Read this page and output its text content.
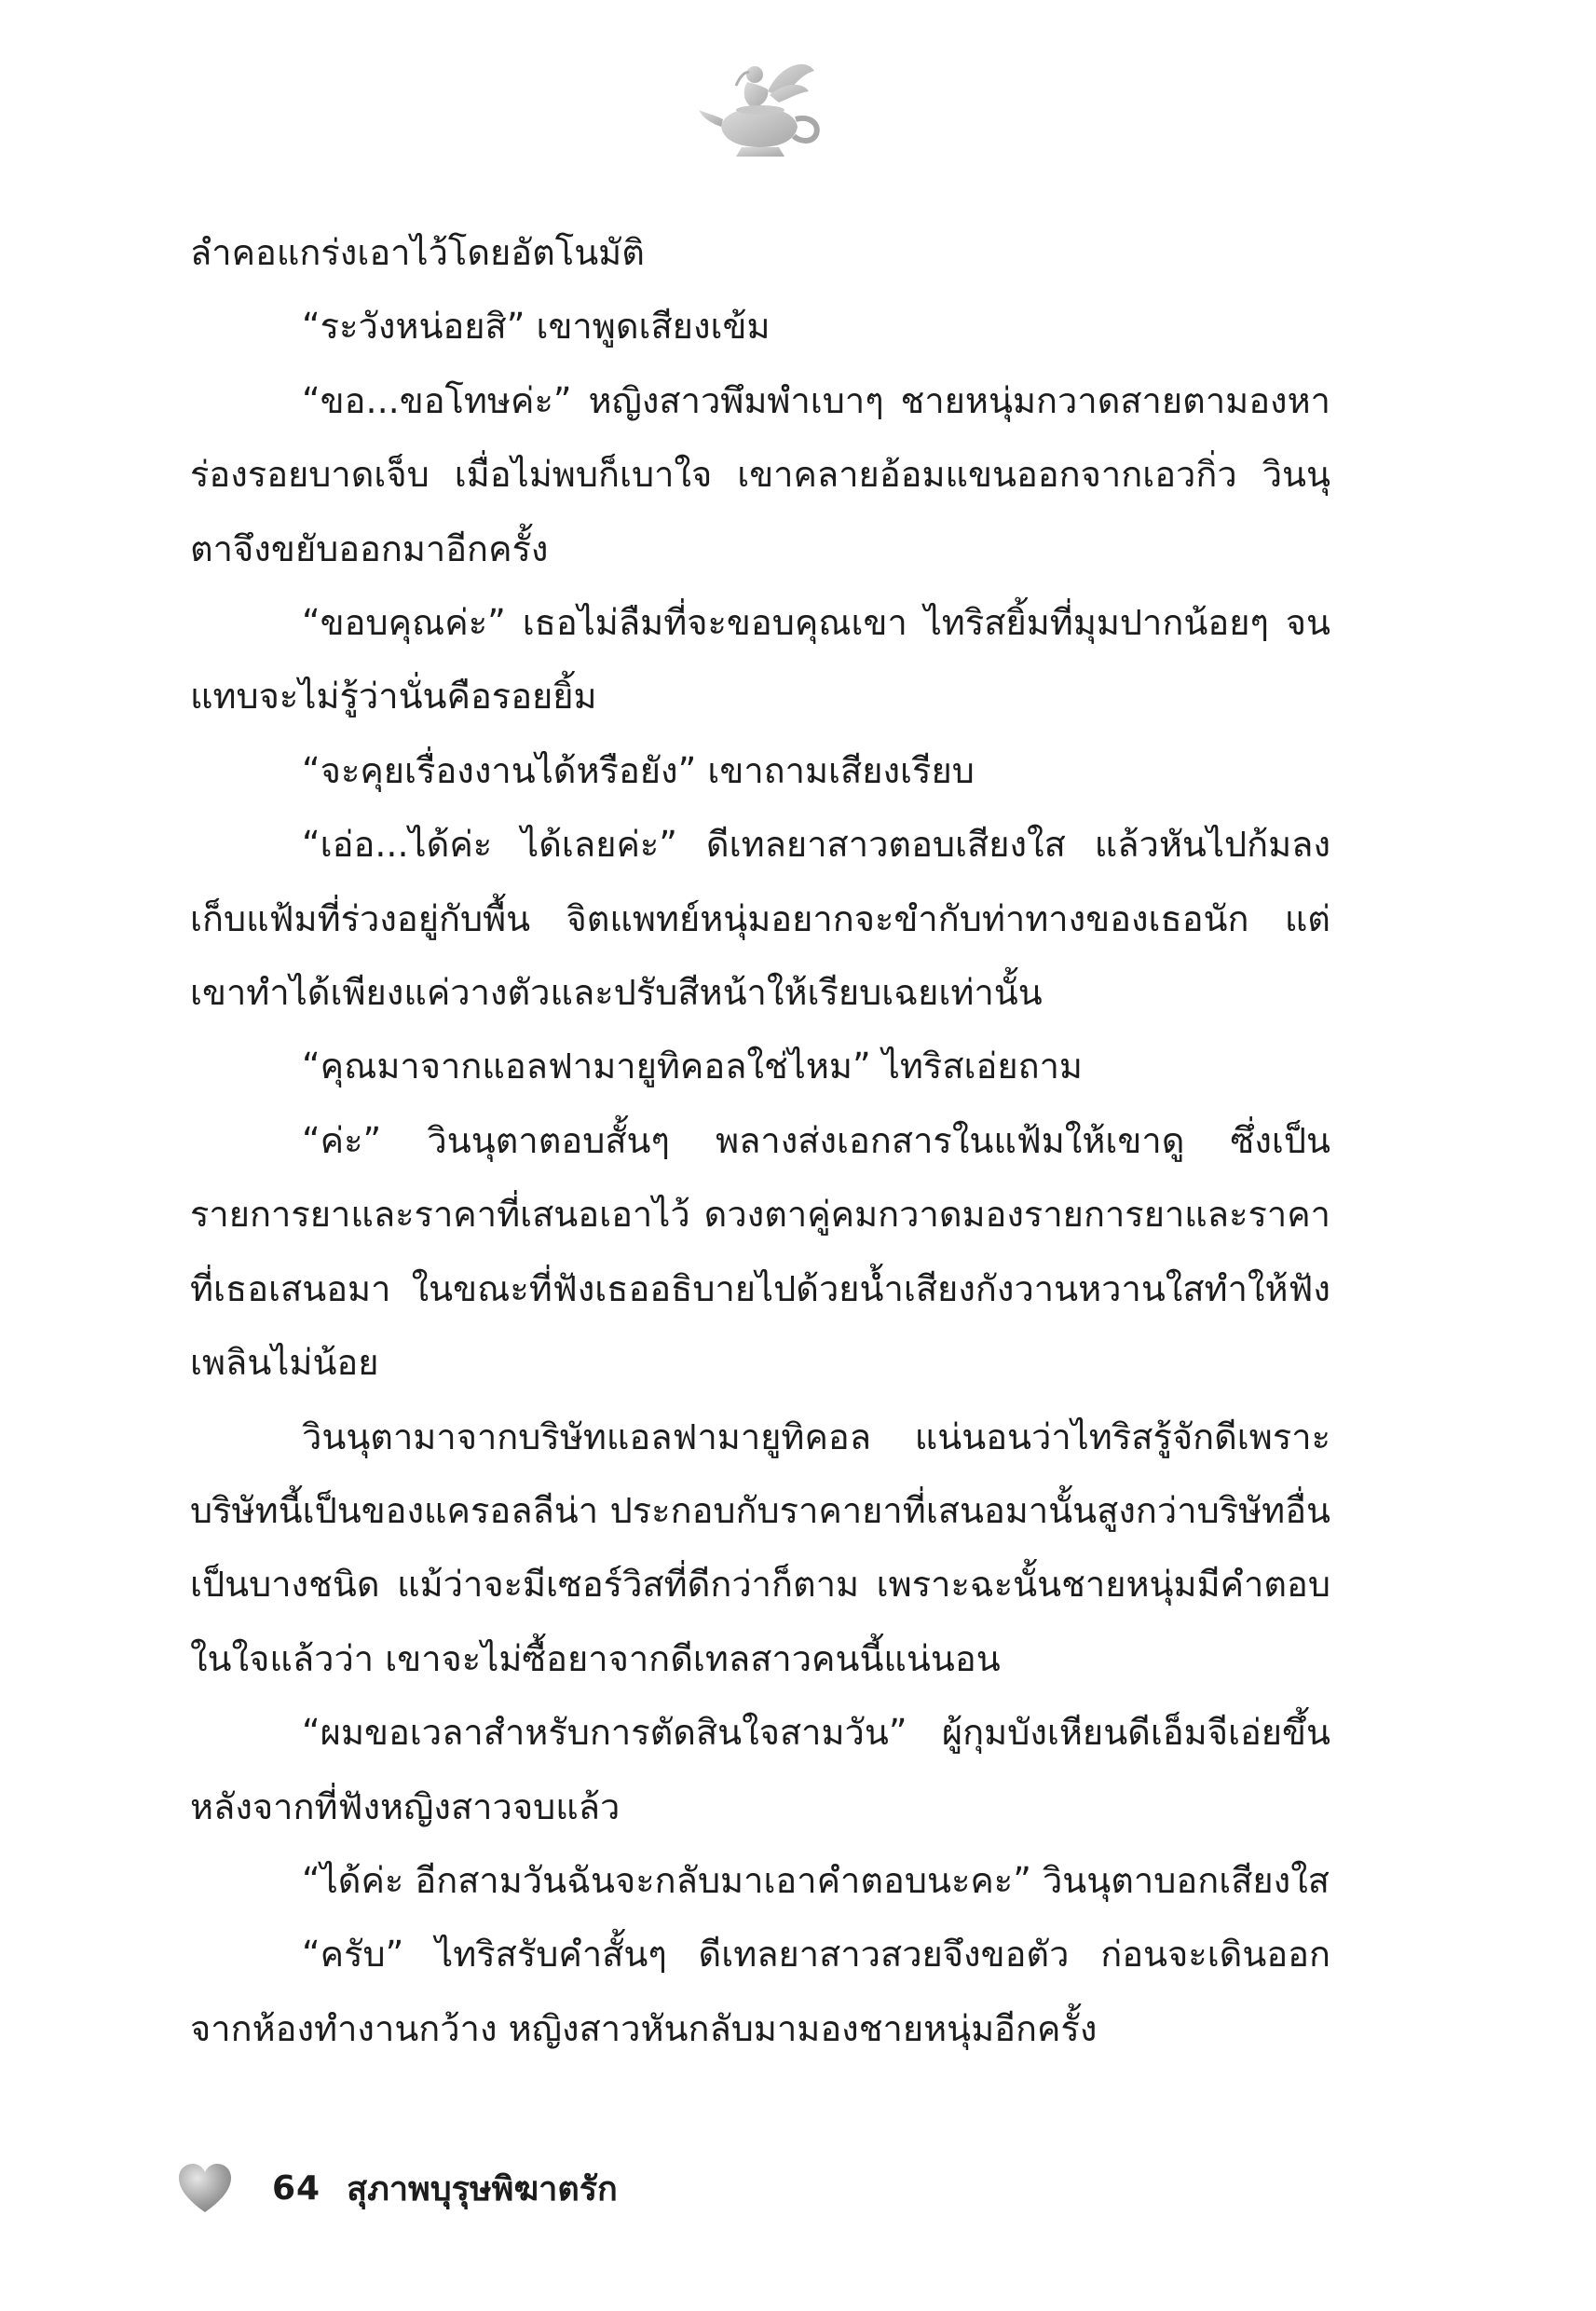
ลำคอแกร่งเอาไว้โดยอัตโนมัติ

“ระวังหน่อยสิ” เขาพูดเสียงเข้ม

“ขอ...ขอโทษค่ะ” หญิงสาวพึมพำเบาๆ ชายหนุ่มกวาดสายตามองหาร่องรอยบาดเจ็บ เมื่อไม่พบก็เบาใจ เขาคลายอ้อมแขนออกจากเอวกิ่ว วินนุตาจึงขยับออกมาอีกครั้ง

“ขอบคุณค่ะ” เธอไม่ลืมที่จะขอบคุณเขา ไทริสยิ้มที่มุมปากน้อยๆ จนแทบจะไม่รู้ว่านั่นคือรอยยิ้ม

“จะคุยเรื่องงานได้หรือยัง” เขาถามเสียงเรียบ

“เอ่อ...ได้ค่ะ ได้เลยค่ะ” ดีเทลยาสาวตอบเสียงใส แล้วหันไปก้มลงเก็บแฟ้มที่ร่วงอยู่กับพื้น จิตแพทย์หนุ่มอยากจะขำกับท่าทางของเธอนัก แต่เขาทำได้เพียงแค่วางตัวและปรับสีหน้าให้เรียบเฉยเท่านั้น

“คุณมาจากแอลฟามายูทิคอลใช่ไหม” ไทริสเอ่ยถาม

“ค่ะ” วินนุตาตอบสั้นๆ พลางส่งเอกสารในแฟ้มให้เขาดู ซึ่งเป็นรายการยาและราคาที่เสนอเอาไว้ ดวงตาคู่คมกวาดมองรายการยาและราคาที่เธอเสนอมา ในขณะที่ฟังเธออธิบายไปด้วยน้ำเสียงกังวานหวานใสทำให้ฟังเพลินไม่น้อย

วินนุตามาจากบริษัทแอลฟามายูทิคอล แน่นอนว่าไทริสรู้จักดีเพราะบริษัทนี้เป็นของแครอลลีน่า ประกอบกับราคายาที่เสนอมานั้นสูงกว่าบริษัทอื่นเป็นบางชนิด แม้ว่าจะมีเซอร์วิสที่ดีกว่าก็ตาม เพราะฉะนั้นชายหนุ่มมีคำตอบในใจแล้วว่า เขาจะไม่ซื้อยาจากดีเทลสาวคนนี้แน่นอน

“ผมขอเวลาสำหรับการตัดสินใจสามวัน” ผู้กุมบังเหียนดีเอ็มจีเอ่ยขึ้น หลังจากที่ฟังหญิงสาวจบแล้ว

“ได้ค่ะ อีกสามวันฉันจะกลับมาเอาคำตอบนะคะ” วินนุตาบอกเสียงใส

“ครับ” ไทริสรับคำสั้นๆ ดีเทลยาสาวสวยจึงขอตัว ก่อนจะเดินออกจากห้องทำงานกว้าง หญิงสาวหันกลับมามองชายหนุ่มอีกครั้ง

64 สุภาพบุรุษพิฆาตรัก
